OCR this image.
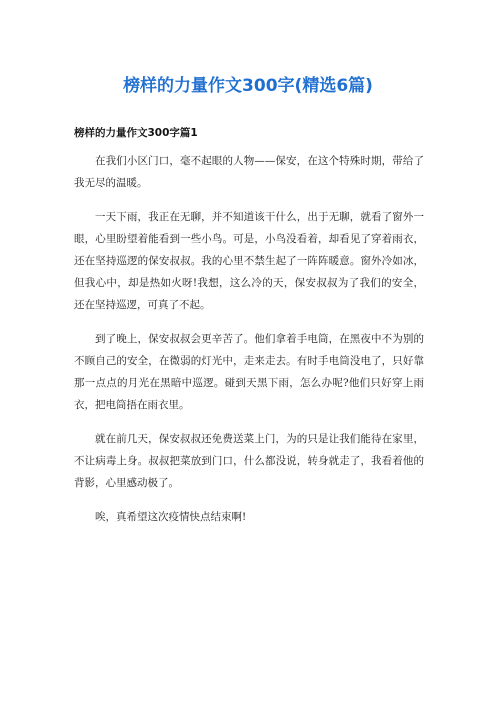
榜样的力量作文300字(精选6篇)
榜样的力量作文300字篇1

在我们小区门口，毫不起眼的人物——保安，在这个特殊时期，带给了我无尽的温暖。

一天下雨，我正在无聊，并不知道该干什么，出于无聊，就看了窗外一眼，心里盼望着能看到一些小鸟。可是，小鸟没看着，却看见了穿着雨衣，还在坚持巡逻的保安叔叔。我的心里不禁生起了一阵阵暖意。窗外冷如冰，但我心中，却是热如火呀!我想，这么冷的天，保安叔叔为了我们的安全，还在坚持巡逻，可真了不起。

到了晚上，保安叔叔会更辛苦了。他们拿着手电筒，在黑夜中不为别的不顾自己的安全，在微弱的灯光中，走来走去。有时手电筒没电了，只好靠那一点点的月光在黑暗中巡逻。碰到天黑下雨，怎么办呢?他们只好穿上雨衣，把电筒捂在雨衣里。

就在前几天，保安叔叔还免费送菜上门，为的只是让我们能待在家里，不让病毒上身。叔叔把菜放到门口，什么都没说，转身就走了，我看着他的背影，心里感动极了。

唉，真希望这次疫情快点结束啊!
